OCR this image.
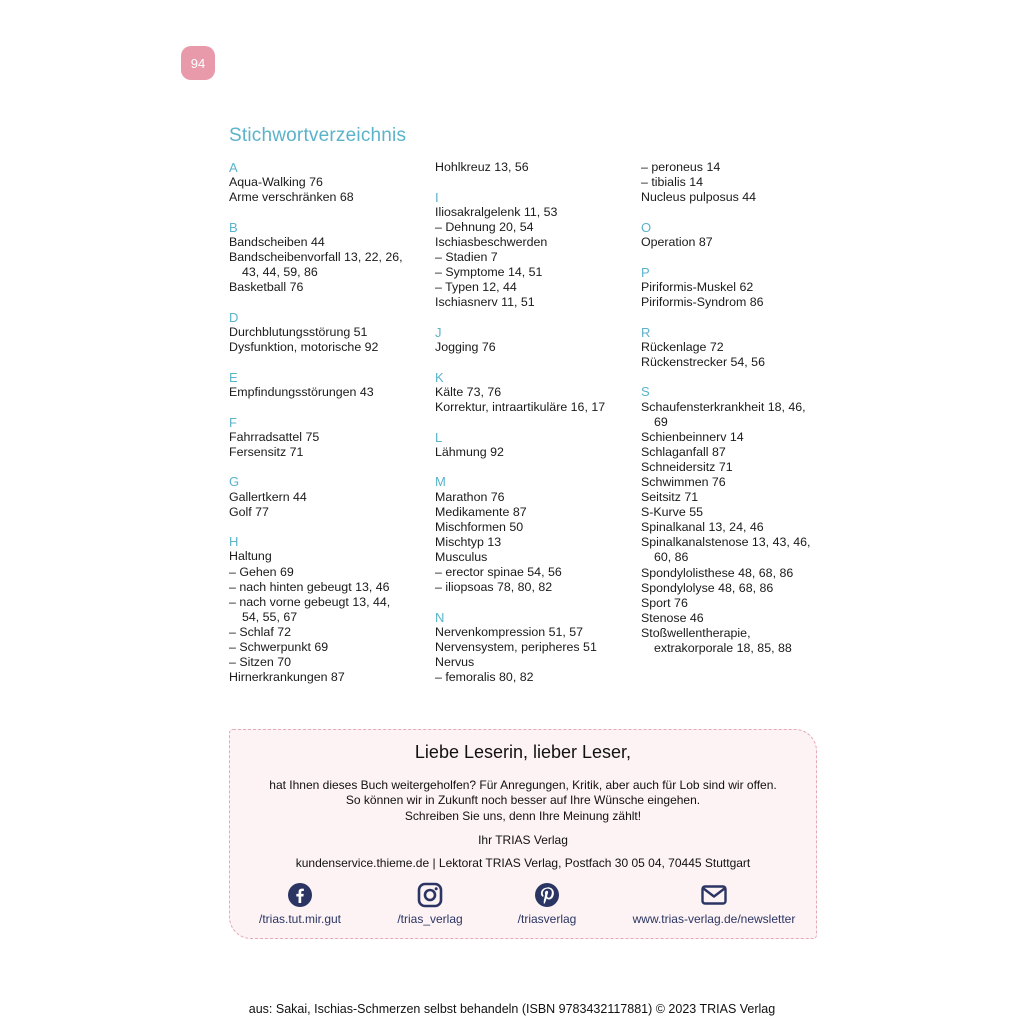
94
Stichwortverzeichnis
A
Aqua-Walking 76
Arme verschränken 68
B
Bandscheiben 44
Bandscheibenvorfall 13, 22, 26,
43, 44, 59, 86
Basketball 76
D
Durchblutungsstörung 51
Dysfunktion, motorische 92
E
Empfindungsstörungen 43
F
Fahrradsattel 75
Fersensitz 71
G
Gallertkern 44
Golf 77
H
Haltung
– Gehen 69
– nach hinten gebeugt 13, 46
– nach vorne gebeugt 13, 44,
54, 55, 67
– Schlaf 72
– Schwerpunkt 69
– Sitzen 70
Hirnerkrankungen 87
Hohlkreuz 13, 56
I
Iliosakralgelenk 11, 53
– Dehnung 20, 54
Ischiasbeschwerden
– Stadien 7
– Symptome 14, 51
– Typen 12, 44
Ischiasnerv 11, 51
J
Jogging 76
K
Kälte 73, 76
Korrektur, intraartikuläre 16, 17
L
Lähmung 92
M
Marathon 76
Medikamente 87
Mischformen 50
Mischtyp 13
Musculus
– erector spinae 54, 56
– iliopsoas 78, 80, 82
N
Nervenkompression 51, 57
Nervensystem, peripheres 51
Nervus
– femoralis 80, 82
– peroneus 14
– tibialis 14
Nucleus pulposus 44
O
Operation 87
P
Piriformis-Muskel 62
Piriformis-Syndrom 86
R
Rückenlage 72
Rückenstrecker 54, 56
S
Schaufensterkrankheit 18, 46,
69
Schienbeinnerv 14
Schlaganfall 87
Schneidersitz 71
Schwimmen 76
Seitsitz 71
S-Kurve 55
Spinalkanal 13, 24, 46
Spinalkanalstenose 13, 43, 46,
60, 86
Spondylolisthese 48, 68, 86
Spondylolyse 48, 68, 86
Sport 76
Stenose 46
Stoßwellentherapie,
extrakorporale 18, 85, 88
Liebe Leserin, lieber Leser,
hat Ihnen dieses Buch weitergeholfen? Für Anregungen, Kritik, aber auch für Lob sind wir offen.
So können wir in Zukunft noch besser auf Ihre Wünsche eingehen.
Schreiben Sie uns, denn Ihre Meinung zählt!
Ihr TRIAS Verlag
kundenservice.thieme.de | Lektorat TRIAS Verlag, Postfach 30 05 04, 70445 Stuttgart
/trias.tut.mir.gut	/trias_verlag	/triasverlag	www.trias-verlag.de/newsletter
aus: Sakai, Ischias-Schmerzen selbst behandeln (ISBN 9783432117881) © 2023 TRIAS Verlag
